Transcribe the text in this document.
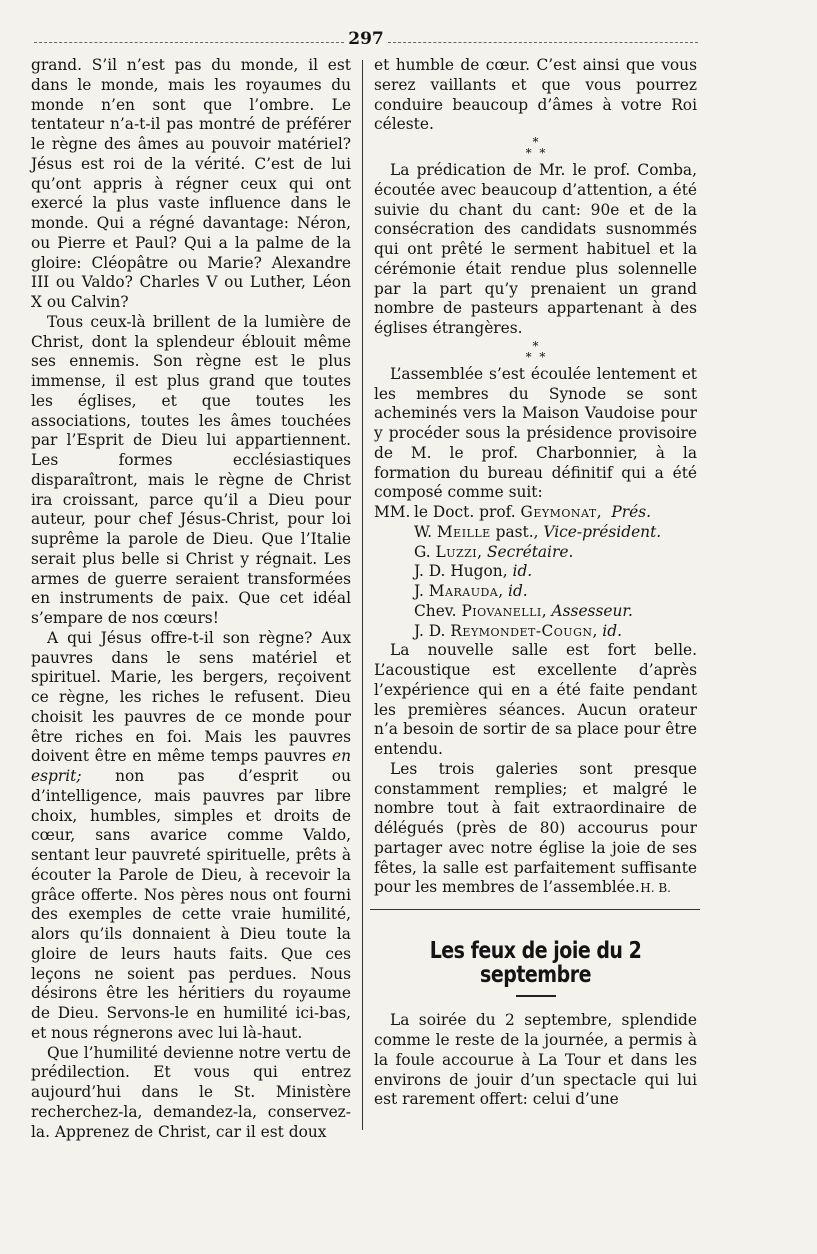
297

grand. S’il n’est pas du monde, il est dans le monde, mais les royaumes du monde n’en sont que l’ombre. Le tentateur n’a-t-il pas montré de préférer le règne des âmes au pouvoir matériel? Jésus est roi de la vérité. C’est de lui qu’ont appris à régner ceux qui ont exercé la plus vaste influence dans le monde. Qui a régné davantage: Néron, ou Pierre et Paul? Qui a la palme de la gloire: Cléopâtre ou Marie? Alexandre III ou Valdo? Charles V ou Luther, Léon X ou Calvin?

Tous ceux-là brillent de la lumière de Christ, dont la splendeur éblouit même ses ennemis. Son règne est le plus immense, il est plus grand que toutes les églises, et que toutes les associations, toutes les âmes touchées par l’Esprit de Dieu lui appartiennent. Les formes ecclésiastiques disparaîtront, mais le règne de Christ ira croissant, parce qu’il a Dieu pour auteur, pour chef Jésus-Christ, pour loi suprême la parole de Dieu. Que l’Italie serait plus belle si Christ y régnait. Les armes de guerre seraient transformées en instruments de paix. Que cet idéal s’empare de nos cœurs!

A qui Jésus offre-t-il son règne? Aux pauvres dans le sens matériel et spirituel. Marie, les bergers, reçoivent ce règne, les riches le refusent. Dieu choisit les pauvres de ce monde pour être riches en foi. Mais les pauvres doivent être en même temps pauvres en esprit; non pas d’esprit ou d’intelligence, mais pauvres par libre choix, humbles, simples et droits de cœur, sans avarice comme Valdo, sentant leur pauvreté spirituelle, prêts à écouter la Parole de Dieu, à recevoir la grâce offerte. Nos pères nous ont fourni des exemples de cette vraie humilité, alors qu’ils donnaient à Dieu toute la gloire de leurs hauts faits. Que ces leçons ne soient pas perdues. Nous désirons être les héritiers du royaume de Dieu. Servons-le en humilité ici-bas, et nous régnerons avec lui là-haut.

Que l’humilité devienne notre vertu de prédilection. Et vous qui entrez aujourd’hui dans le St. Ministère recherchez-la, demandez-la, conservez-la. Apprenez de Christ, car il est doux

et humble de cœur. C’est ainsi que vous serez vaillants et que vous pourrez conduire beaucoup d’âmes à votre Roi céleste.

*
* *

La prédication de Mr. le prof. Comba, écoutée avec beaucoup d’attention, a été suivie du chant du cant: 90e et de la consécration des candidats susnommés qui ont prêté le serment habituel et la cérémonie était rendue plus solennelle par la part qu’y prenaient un grand nombre de pasteurs appartenant à des églises étrangères.

*
* *

L’assemblée s’est écoulée lentement et les membres du Synode se sont acheminés vers la Maison Vaudoise pour y procéder sous la présidence provisoire de M. le prof. Charbonnier, à la formation du bureau définitif qui a été composé comme suit:

MM. le Doct. prof. Geymonat,  Prés.
W. Meille past., Vice-président.
G. Luzzi, Secrétaire.
J. D. Hugon, id.
J. Marauda, id.
Chev. Piovanelli, Assesseur.
J. D. Reymondet-Cougn, id.

La nouvelle salle est fort belle. L’acoustique est excellente d’après l’expérience qui en a été faite pendant les premières séances. Aucun orateur n’a besoin de sortir de sa place pour être entendu.

Les trois galeries sont presque constamment remplies; et malgré le nombre tout à fait extraordinaire de délégués (près de 80) accourus pour partager avec notre église la joie de ses fêtes, la salle est parfaitement suffisante pour les membres de l’assemblée. H. B.
Les feux de joie du 2 septembre

La soirée du 2 septembre, splendide comme le reste de la journée, a permis à la foule accourue à La Tour et dans les environs de jouir d’un spectacle qui lui est rarement offert: celui d’une
